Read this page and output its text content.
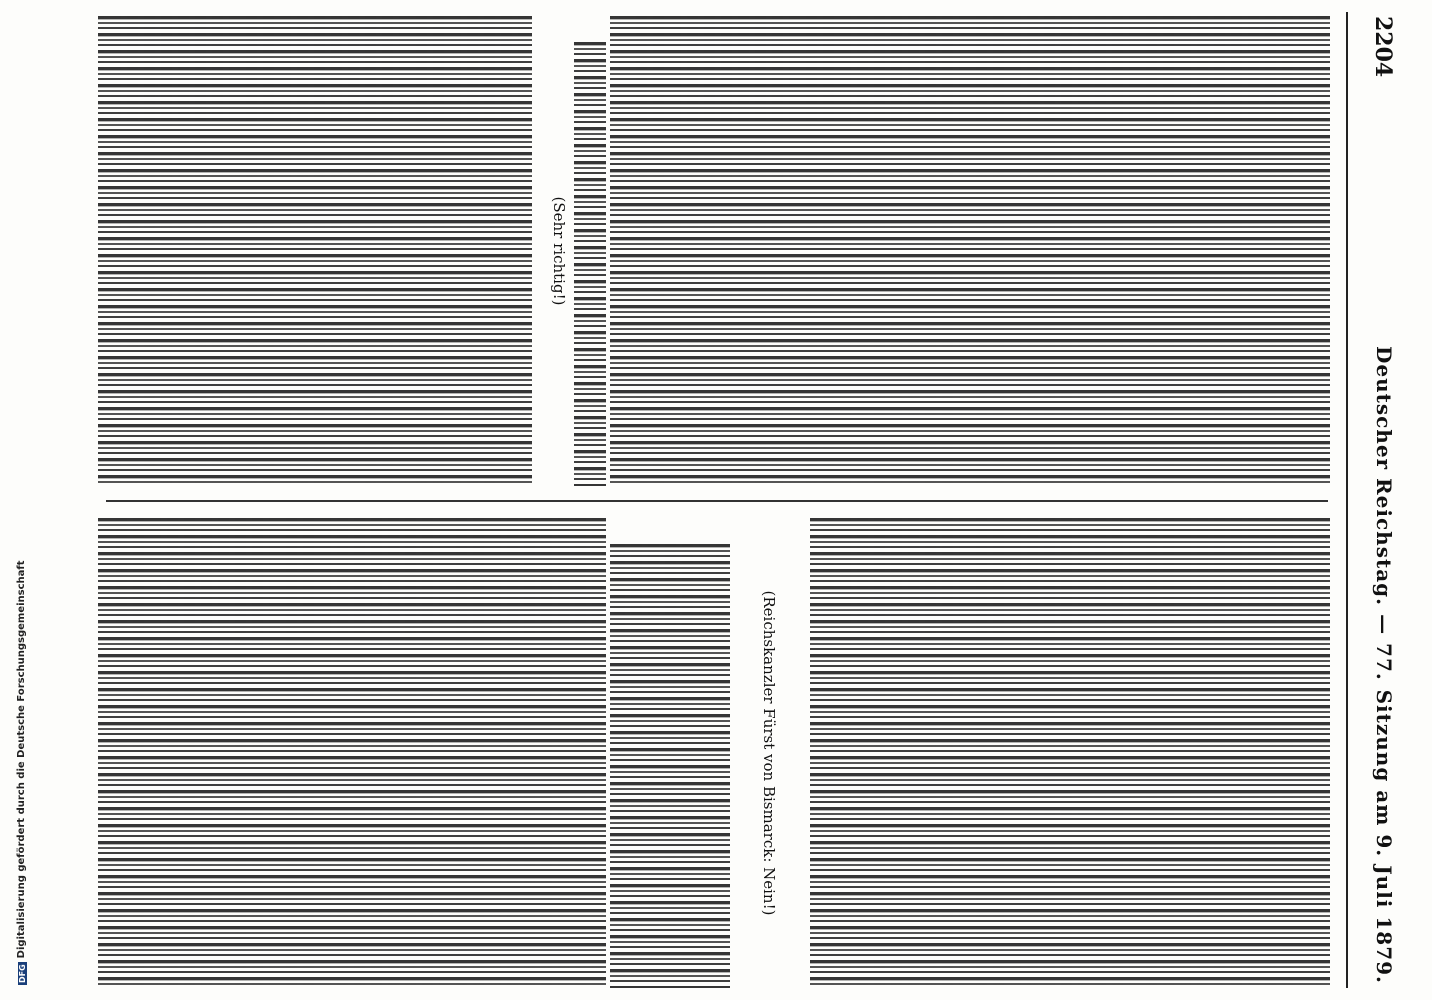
DFGDigitalisierung gefördert durch die Deutsche Forschungsgemeinschaft
2204
Deutscher Reichstag. — 77.
Sitzung am 9. Juli 1879.
(Sehr richtig!)
(Reichskanzler Fürst von Bismarck: Nein!)
